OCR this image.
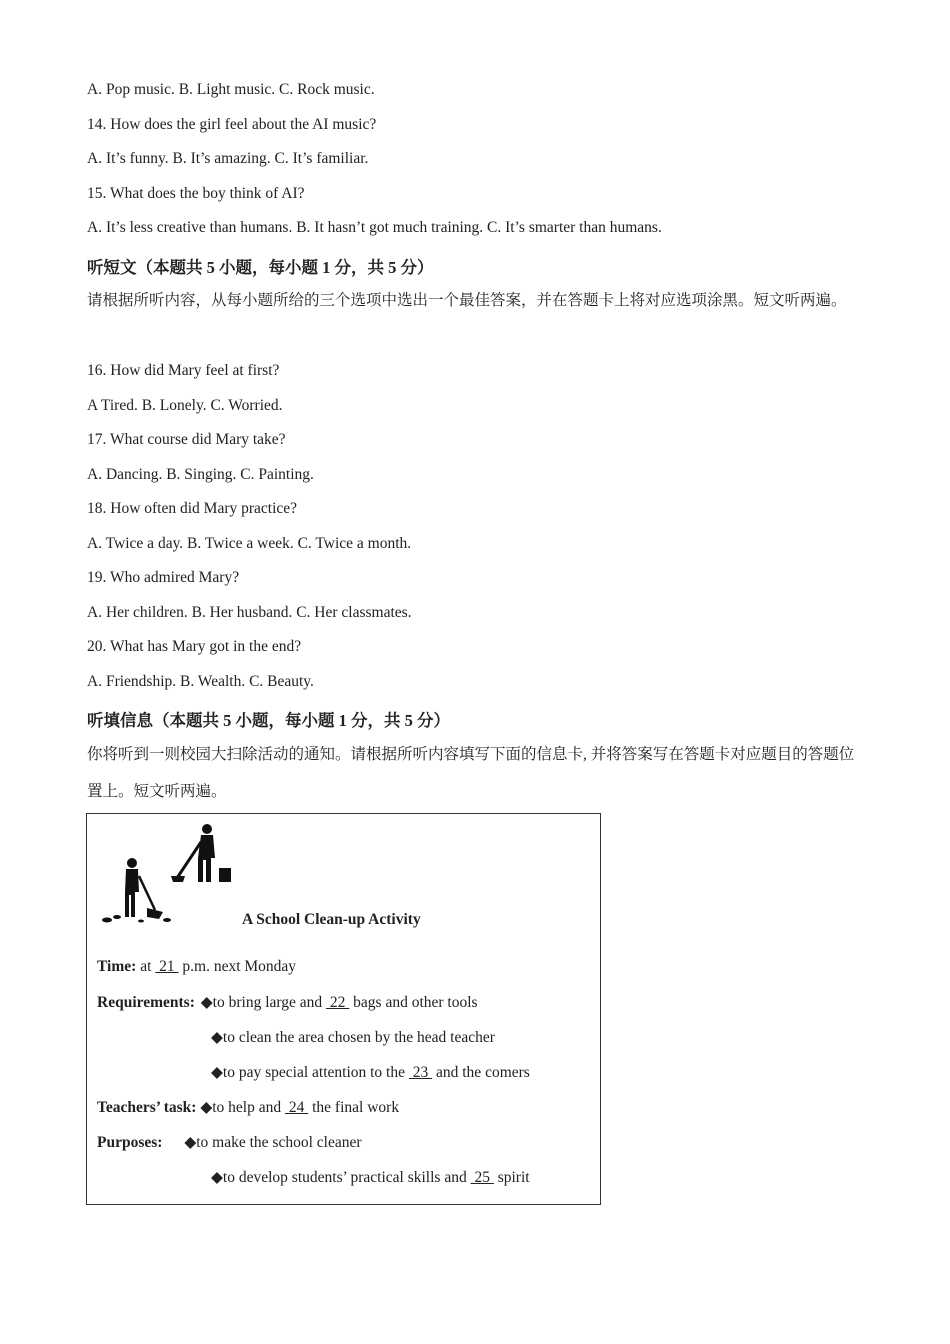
A. Pop music. B. Light music. C. Rock music.
14. How does the girl feel about the AI music?
A. It’s funny. B. It’s amazing. C. It’s familiar.
15. What does the boy think of AI?
A. It’s less creative than humans. B. It hasn’t got much training. C. It’s smarter than humans.
听短文（本题共 5 小题，每小题 1 分，共 5 分）
请根据所听内容，从每小题所给的三个选项中选出一个最佳答案，并在答题卡上将对应选项涂黑。短文听两遍。
16. How did Mary feel at first?
A Tired. B. Lonely. C. Worried.
17. What course did Mary take?
A. Dancing. B. Singing. C. Painting.
18. How often did Mary practice?
A. Twice a day. B. Twice a week. C. Twice a month.
19. Who admired Mary?
A. Her children. B. Her husband. C. Her classmates.
20. What has Mary got in the end?
A. Friendship. B. Wealth. C. Beauty.
听填信息（本题共 5 小题，每小题 1 分，共 5 分）
你将听到一则校园大扫除活动的通知。请根据所听内容填写下面的信息卡, 并将答案写在答题卡对应题目的答题位置上。短文听两遍。
A School Clean-up Activity
Time: at  21  p.m. next Monday
Requirements: ◆to bring large and  22  bags and other tools
◆to clean the area chosen by the head teacher
◆to pay special attention to the  23  and the comers
Teachers’ task: ◆to help and  24  the final work
Purposes: ◆to make the school cleaner
◆to develop students’ practical skills and  25  spirit
